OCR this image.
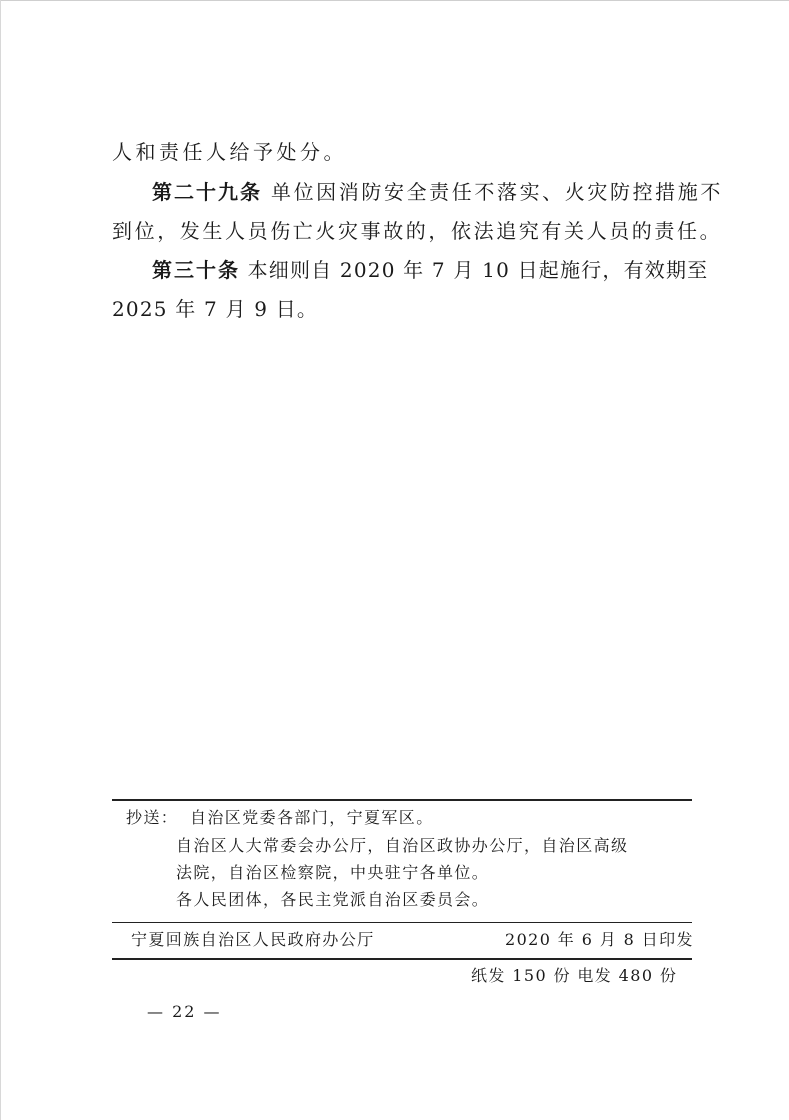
人和责任人给予处分。
第二十九条 单位因消防安全责任不落实、火灾防控措施不
到位，发生人员伤亡火灾事故的，依法追究有关人员的责任。
第三十条 本细则自 2020 年 7 月 10 日起施行，有效期至
2025 年 7 月 9 日。
抄送： 自治区党委各部门，宁夏军区。
自治区人大常委会办公厅，自治区政协办公厅，自治区高级
法院，自治区检察院，中央驻宁各单位。
各人民团体，各民主党派自治区委员会。
宁夏回族自治区人民政府办公厅	2020 年 6 月 8 日印发
纸发 150 份 电发 480 份
— 22 —
